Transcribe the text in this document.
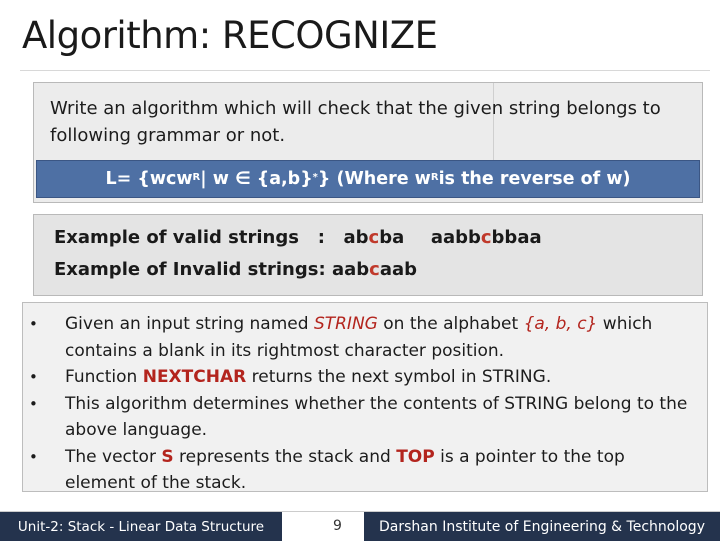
Algorithm: RECOGNIZE
Write an algorithm which will check that the given string belongs to following grammar or not.
L= {wcw$^R$ | w ∈ {a,b}* } (Where $w^R$ is the reverse of w)
Example of valid strings   : abcba aabbcbbaa
Example of Invalid strings: aabcaab
• Given an input string named STRING on the alphabet {a, b, c} which contains a blank in its rightmost character position.
• Function NEXTCHAR returns the next symbol in STRING.
• This algorithm determines whether the contents of STRING belong to the above language.
• The vector S represents the stack and TOP is a pointer to the top element of the stack.
Unit-2: Stack - Linear Data Structure	9	Darshan Institute of Engineering & Technology
